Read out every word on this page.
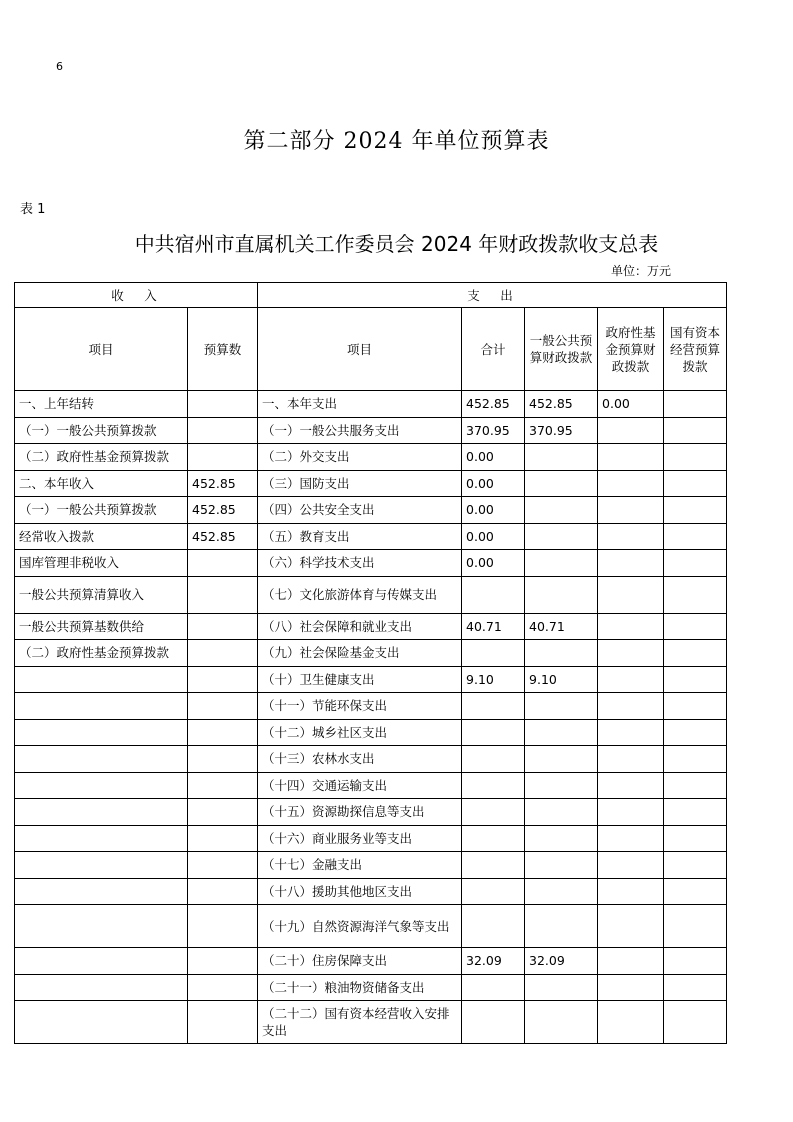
6
第二部分 2024 年单位预算表
表 1
中共宿州市直属机关工作委员会 2024 年财政拨款收支总表
单位：万元
收　入		支　出				
项目	预算数	项目	合计	一般公共预算财政拨款	政府性基金预算财政拨款	国有资本经营预算拨款
一、上年结转		一、本年支出	452.85	452.85	0.00	
（一）一般公共预算拨款		（一）一般公共服务支出	370.95	370.95		
（二）政府性基金预算拨款		（二）外交支出	0.00			
二、本年收入	452.85	（三）国防支出	0.00			
（一）一般公共预算拨款	452.85	（四）公共安全支出	0.00			
经常收入拨款	452.85	（五）教育支出	0.00			
国库管理非税收入		（六）科学技术支出	0.00			
一般公共预算清算收入		（七）文化旅游体育与传媒支出				
一般公共预算基数供给		（八）社会保障和就业支出	40.71	40.71		
（二）政府性基金预算拨款		（九）社会保险基金支出				
		（十）卫生健康支出	9.10	9.10		
		（十一）节能环保支出				
		（十二）城乡社区支出				
		（十三）农林水支出				
		（十四）交通运输支出				
		（十五）资源勘探信息等支出				
		（十六）商业服务业等支出				
		（十七）金融支出				
		（十八）援助其他地区支出				
		（十九）自然资源海洋气象等支出				
		（二十）住房保障支出	32.09	32.09		
		（二十一）粮油物资储备支出				
		（二十二）国有资本经营收入安排支出				
